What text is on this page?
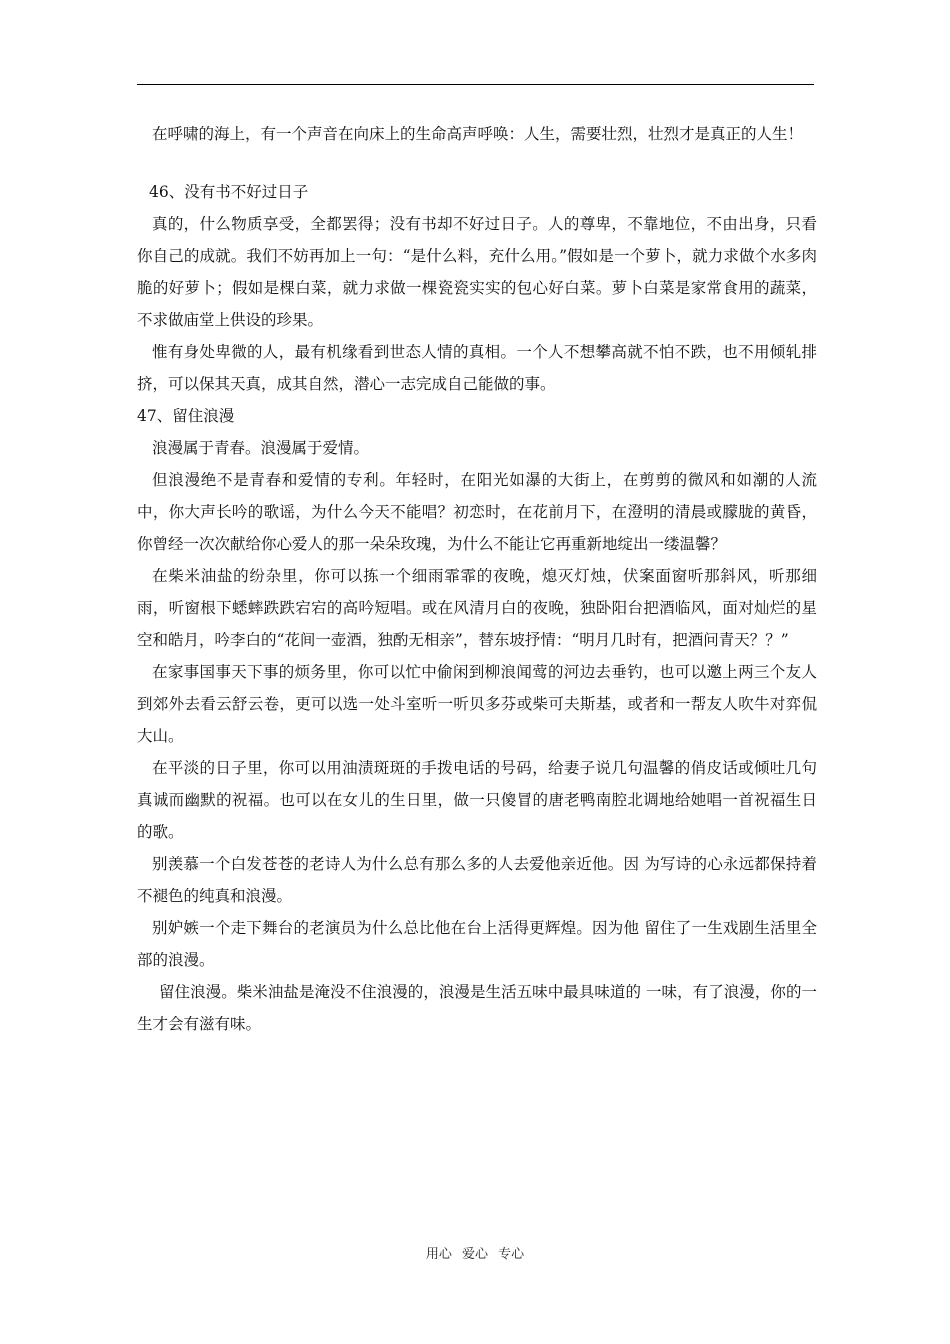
在呼啸的海上，有一个声音在向床上的生命高声呼唤：人生，需要壮烈，壮烈才是真正的人生！

46、没有书不好过日子

真的，什么物质享受，全都罢得；没有书却不好过日子。人的尊卑，不靠地位，不由出身，只看你自己的成就。我们不妨再加上一句：“是什么料，充什么用。”假如是一个萝卜，就力求做个水多肉脆的好萝卜；假如是棵白菜，就力求做一棵瓷瓷实实的包心好白菜。萝卜白菜是家常食用的蔬菜，不求做庙堂上供设的珍果。

惟有身处卑微的人，最有机缘看到世态人情的真相。一个人不想攀高就不怕不跌，也不用倾轧排挤，可以保其天真，成其自然，潜心一志完成自己能做的事。

47、留住浪漫

浪漫属于青春。浪漫属于爱情。

但浪漫绝不是青春和爱情的专利。年轻时，在阳光如瀑的大街上，在剪剪的微风和如潮的人流中，你大声长吟的歌谣，为什么今天不能唱？初恋时，在花前月下，在澄明的清晨或朦胧的黄昏，你曾经一次次献给你心爱人的那一朵朵玫瑰，为什么不能让它再重新地绽出一缕温馨？

在柴米油盐的纷杂里，你可以拣一个细雨霏霏的夜晚，熄灭灯烛，伏案面窗听那斜风，听那细雨，听窗根下蟋蟀跌跌宕宕的高吟短唱。或在风清月白的夜晚，独卧阳台把酒临风，面对灿烂的星空和皓月，吟李白的“花间一壶酒，独酌无相亲”，替东坡抒情：“明月几时有，把酒问青天？？”

在家事国事天下事的烦务里，你可以忙中偷闲到柳浪闻莺的河边去垂钓，也可以邀上两三个友人到郊外去看云舒云卷，更可以选一处斗室听一听贝多芬或柴可夫斯基，或者和一帮友人吹牛对弈侃大山。

在平淡的日子里，你可以用油渍斑斑的手拨电话的号码，给妻子说几句温馨的俏皮话或倾吐几句真诚而幽默的祝福。也可以在女儿的生日里，做一只傻冒的唐老鸭南腔北调地给她唱一首祝福生日的歌。

别羡慕一个白发苍苍的老诗人为什么总有那么多的人去爱他亲近他。因 为写诗的心永远都保持着不褪色的纯真和浪漫。

别妒嫉一个走下舞台的老演员为什么总比他在台上活得更辉煌。因为他 留住了一生戏剧生活里全部的浪漫。

留住浪漫。柴米油盐是淹没不住浪漫的，浪漫是生活五味中最具味道的 一味，有了浪漫，你的一生才会有滋有味。

用心 爱心 专心
